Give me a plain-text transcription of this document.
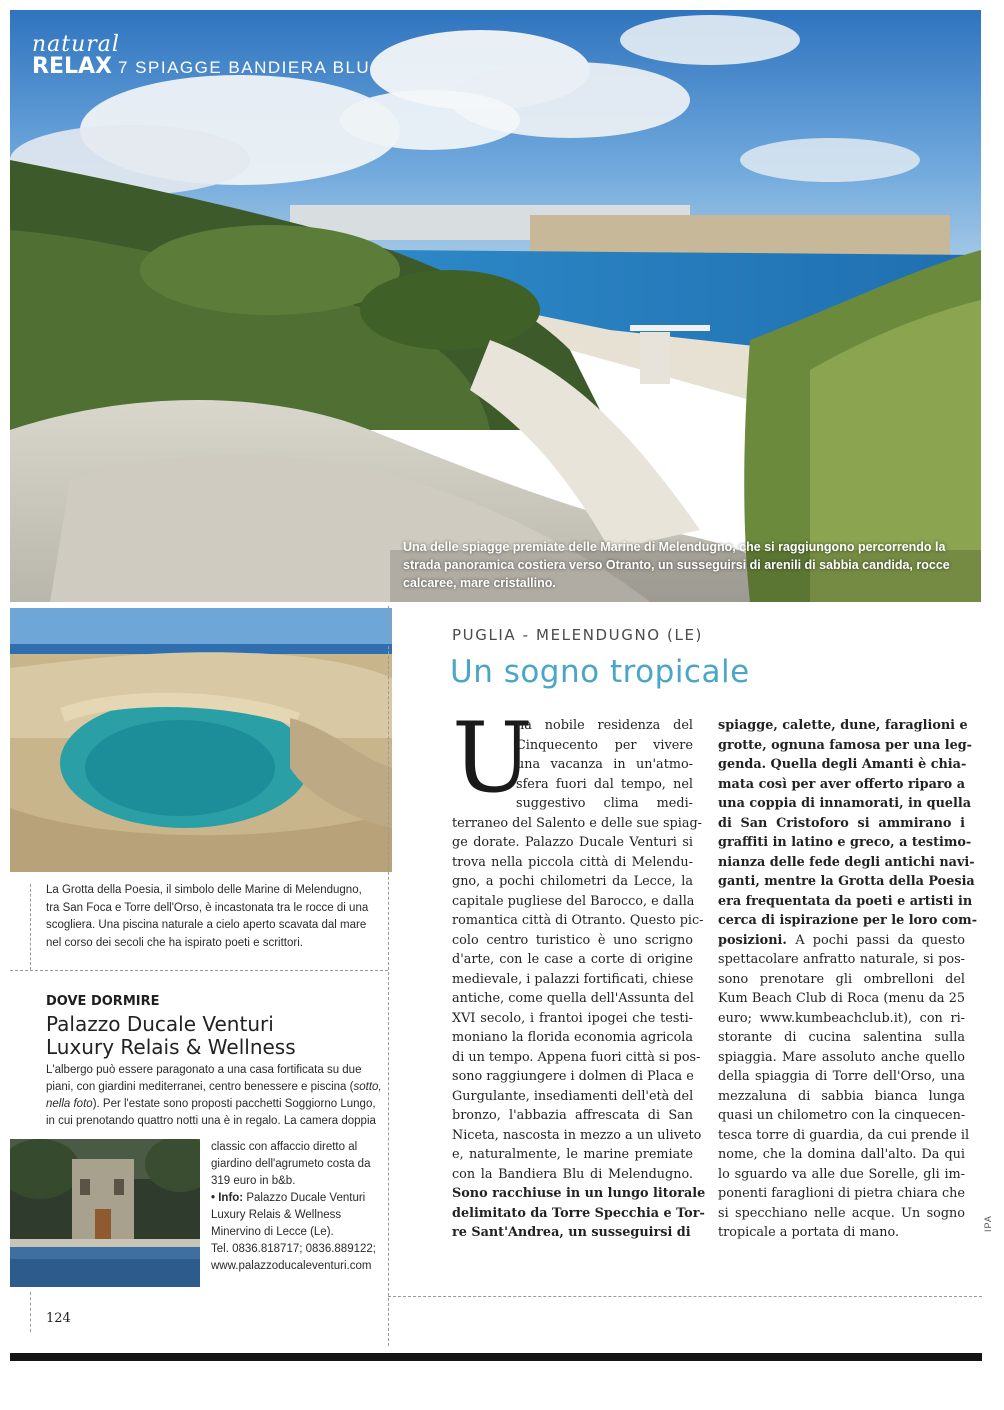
natural
RELAX 7 SPIAGGE BANDIERA BLU
Una delle spiagge premiate delle Marine di Melendugno, che si raggiungono percorrendo la strada panoramica costiera verso Otranto, un susseguirsi di arenili di sabbia candida, rocce calcaree, mare cristallino.
La Grotta della Poesia, il simbolo delle Marine di Melendugno, tra San Foca e Torre dell'Orso, è incastonata tra le rocce di una scogliera. Una piscina naturale a cielo aperto scavata dal mare nel corso dei secoli che ha ispirato poeti e scrittori.
DOVE DORMIRE
Palazzo Ducale Venturi
Luxury Relais & Wellness
L'albergo può essere paragonato a una casa fortificata su due piani, con giardini mediterranei, centro benessere e piscina (sotto, nella foto). Per l'estate sono proposti pacchetti Soggiorno Lungo, in cui prenotando quattro notti una è in regalo. La camera doppia
classic con affaccio diretto al giardino dell'agrumeto costa da 319 euro in b&b.
• Info: Palazzo Ducale Venturi
Luxury Relais & Wellness
Minervino di Lecce (Le).
Tel. 0836.818717; 0836.889122;
www.palazzoducaleventuri.com
124
PUGLIA - MELENDUGNO (LE)
Un sogno tropicale
U
na nobile residenza del
Cinquecento per vivere
una vacanza in un'atmo-
sfera fuori dal tempo, nel
suggestivo clima medi-
terraneo del Salento e delle sue spiag-
ge dorate. Palazzo Ducale Venturi si
trova nella piccola città di Melendu-
gno, a pochi chilometri da Lecce, la
capitale pugliese del Barocco, e dalla
romantica città di Otranto. Questo pic-
colo centro turistico è uno scrigno
d'arte, con le case a corte di origine
medievale, i palazzi fortificati, chiese
antiche, come quella dell'Assunta del
XVI secolo, i frantoi ipogei che testi-
moniano la florida economia agricola
di un tempo. Appena fuori città si pos-
sono raggiungere i dolmen di Placa e
Gurgulante, insediamenti dell'età del
bronzo, l'abbazia affrescata di San
Niceta, nascosta in mezzo a un uliveto
e, naturalmente, le marine premiate
con la Bandiera Blu di Melendugno.
Sono racchiuse in un lungo litorale
delimitato da Torre Specchia e Tor-
re Sant'Andrea, un susseguirsi di
spiagge, calette, dune, faraglioni e
grotte, ognuna famosa per una leg-
genda. Quella degli Amanti è chia-
mata così per aver offerto riparo a
una coppia di innamorati, in quella
di San Cristoforo si ammirano i
graffiti in latino e greco, a testimo-
nianza delle fede degli antichi navi-
ganti, mentre la Grotta della Poesia
era frequentata da poeti e artisti in
cerca di ispirazione per le loro com-
posizioni. A pochi passi da questo
spettacolare anfratto naturale, si pos-
sono prenotare gli ombrelloni del
Kum Beach Club di Roca (menu da 25
euro; www.kumbeachclub.it), con ri-
storante di cucina salentina sulla
spiaggia. Mare assoluto anche quello
della spiaggia di Torre dell'Orso, una
mezzaluna di sabbia bianca lunga
quasi un chilometro con la cinquecen-
tesca torre di guardia, da cui prende il
nome, che la domina dall'alto. Da qui
lo sguardo va alle due Sorelle, gli im-
ponenti faraglioni di pietra chiara che
si specchiano nelle acque. Un sogno
tropicale a portata di mano.
IPA
